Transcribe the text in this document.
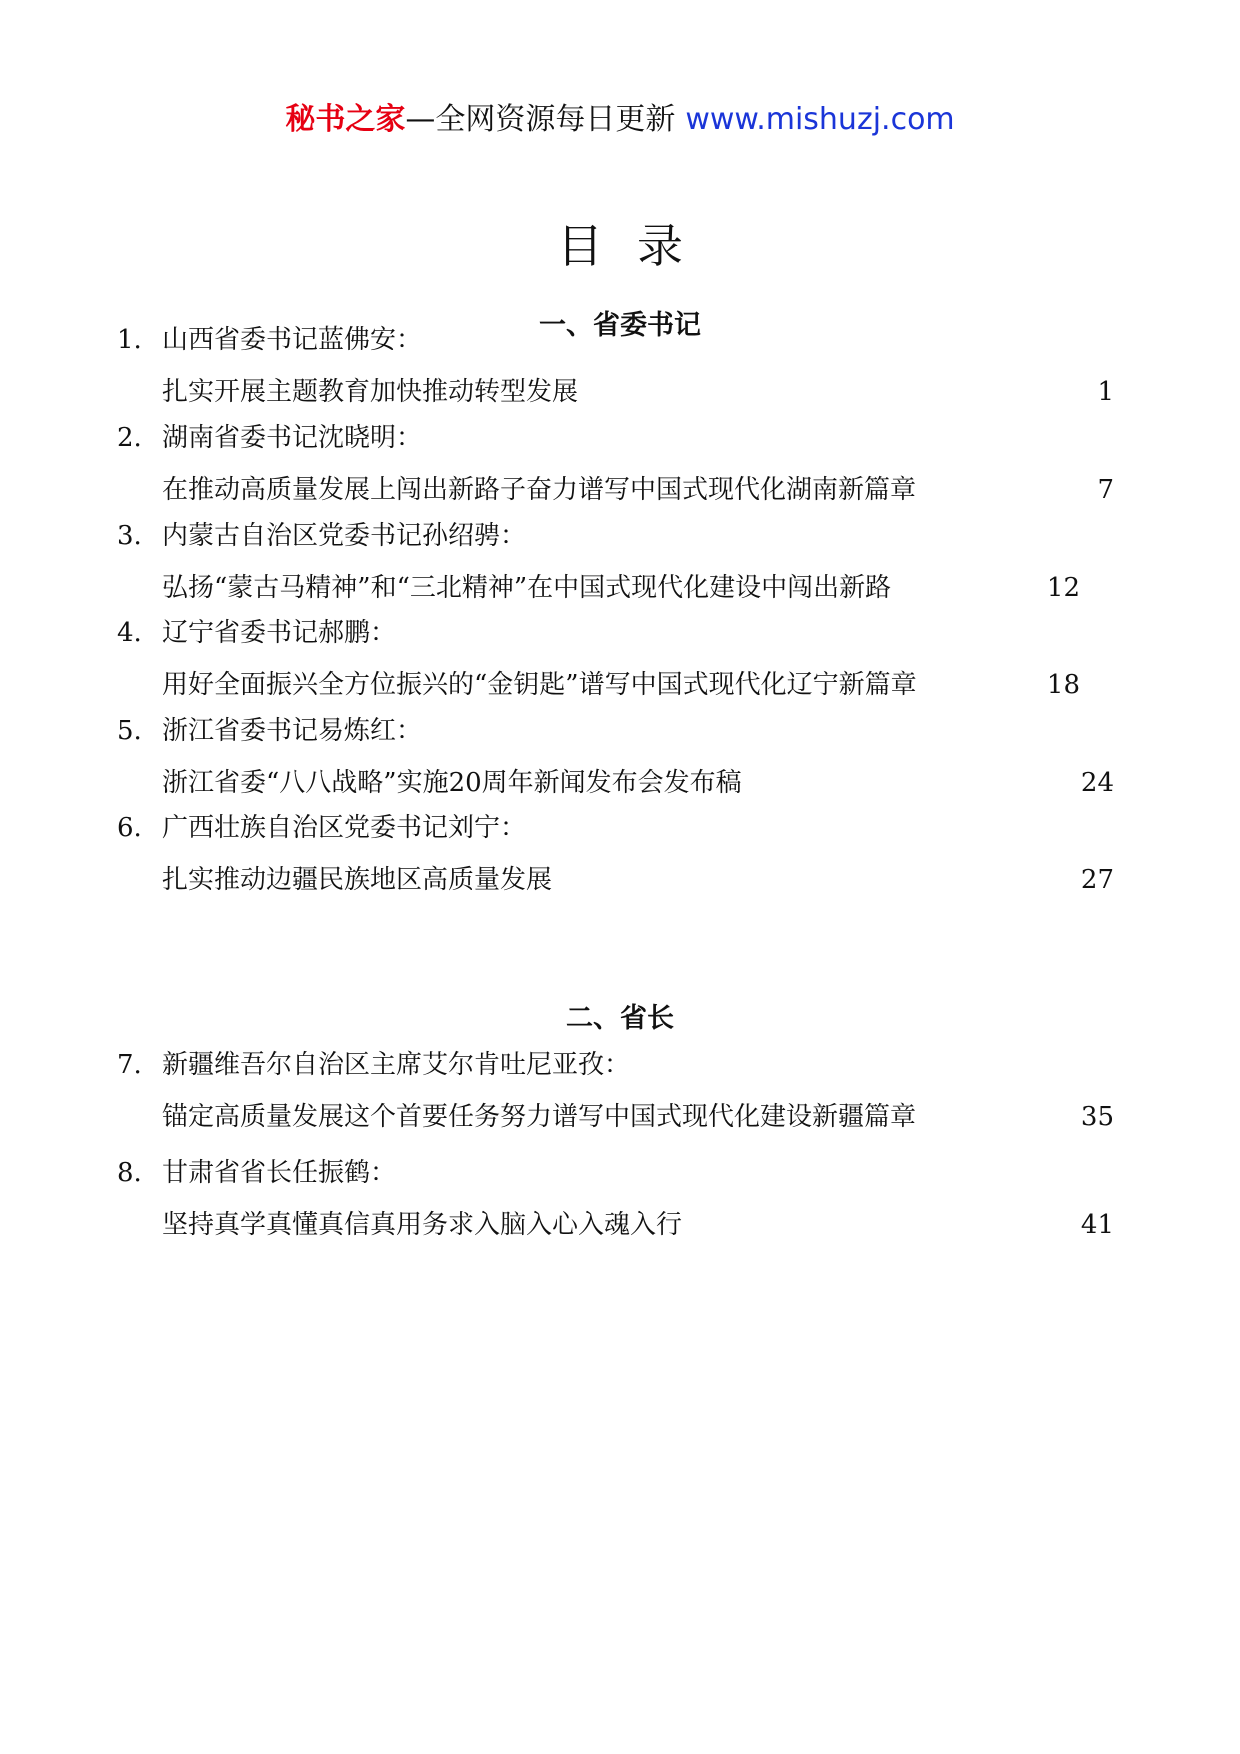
秘书之家—全网资源每日更新 www.mishuzj.com
目录
一、省委书记
1. 山西省委书记蓝佛安：
扎实开展主题教育加快推动转型发展	1
2. 湖南省委书记沈晓明：
在推动高质量发展上闯出新路子奋力谱写中国式现代化湖南新篇章	7
3. 内蒙古自治区党委书记孙绍骋：
弘扬“蒙古马精神”和“三北精神”在中国式现代化建设中闯出新路	12
4. 辽宁省委书记郝鹏：
用好全面振兴全方位振兴的“金钥匙”谱写中国式现代化辽宁新篇章	18
5. 浙江省委书记易炼红：
浙江省委“八八战略”实施20周年新闻发布会发布稿	24
6. 广西壮族自治区党委书记刘宁：
扎实推动边疆民族地区高质量发展	27
二、省长
7. 新疆维吾尔自治区主席艾尔肯吐尼亚孜：
锚定高质量发展这个首要任务努力谱写中国式现代化建设新疆篇章	35
8. 甘肃省省长任振鹤：
坚持真学真懂真信真用务求入脑入心入魂入行	41
